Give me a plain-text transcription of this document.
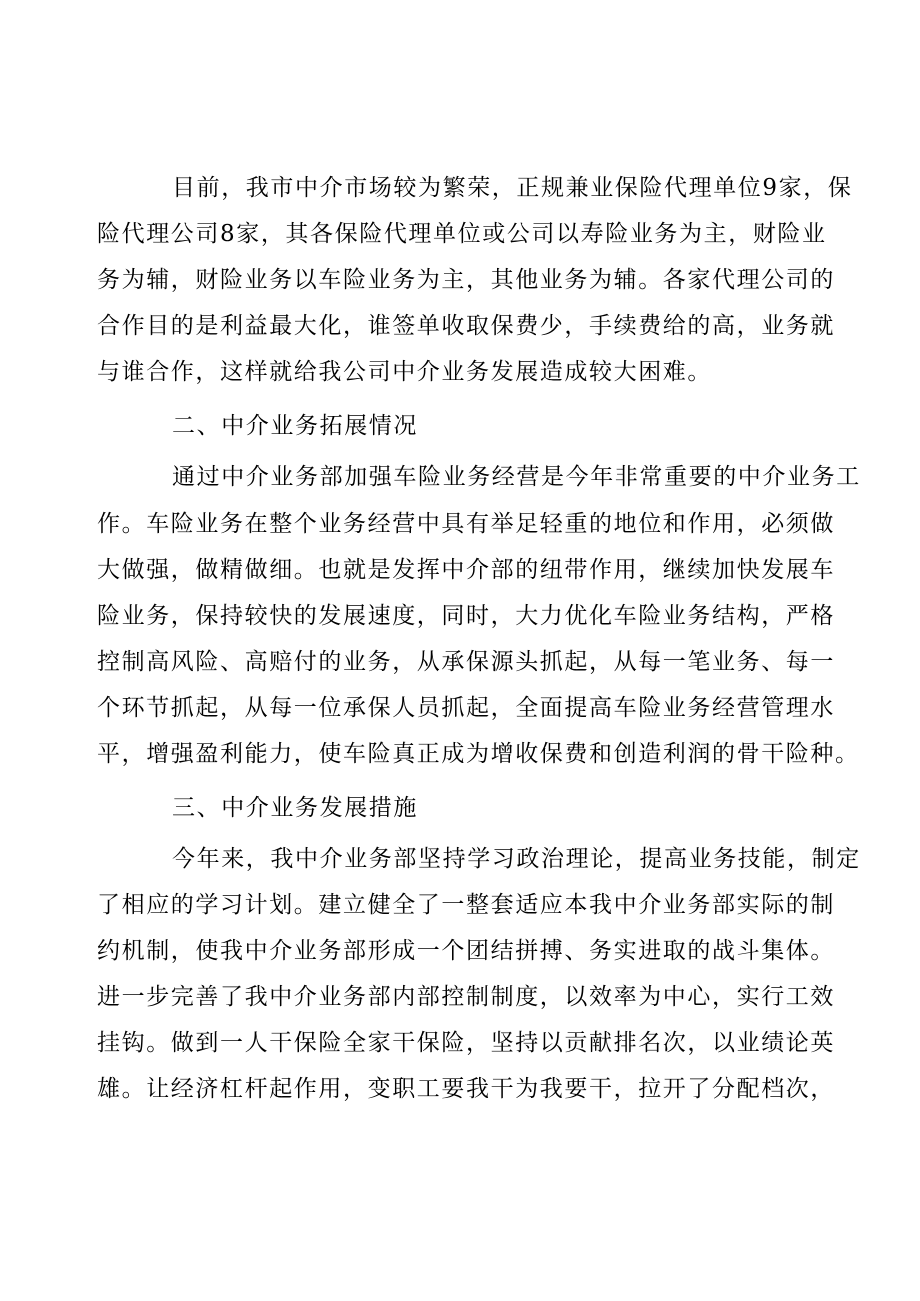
目前，我市中介市场较为繁荣，正规兼业保险代理单位9家，保
险代理公司8家，其各保险代理单位或公司以寿险业务为主，财险业
务为辅，财险业务以车险业务为主，其他业务为辅。各家代理公司的
合作目的是利益最大化，谁签单收取保费少，手续费给的高，业务就
与谁合作，这样就给我公司中介业务发展造成较大困难。
二、中介业务拓展情况
通过中介业务部加强车险业务经营是今年非常重要的中介业务工
作。车险业务在整个业务经营中具有举足轻重的地位和作用，必须做
大做强，做精做细。也就是发挥中介部的纽带作用，继续加快发展车
险业务，保持较快的发展速度，同时，大力优化车险业务结构，严格
控制高风险、高赔付的业务，从承保源头抓起，从每一笔业务、每一
个环节抓起，从每一位承保人员抓起，全面提高车险业务经营管理水
平，增强盈利能力，使车险真正成为增收保费和创造利润的骨干险种。
三、中介业务发展措施
今年来，我中介业务部坚持学习政治理论，提高业务技能，制定
了相应的学习计划。建立健全了一整套适应本我中介业务部实际的制
约机制，使我中介业务部形成一个团结拼搏、务实进取的战斗集体。
进一步完善了我中介业务部内部控制制度，以效率为中心，实行工效
挂钩。做到一人干保险全家干保险，坚持以贡献排名次，以业绩论英
雄。让经济杠杆起作用，变职工要我干为我要干，拉开了分配档次，
